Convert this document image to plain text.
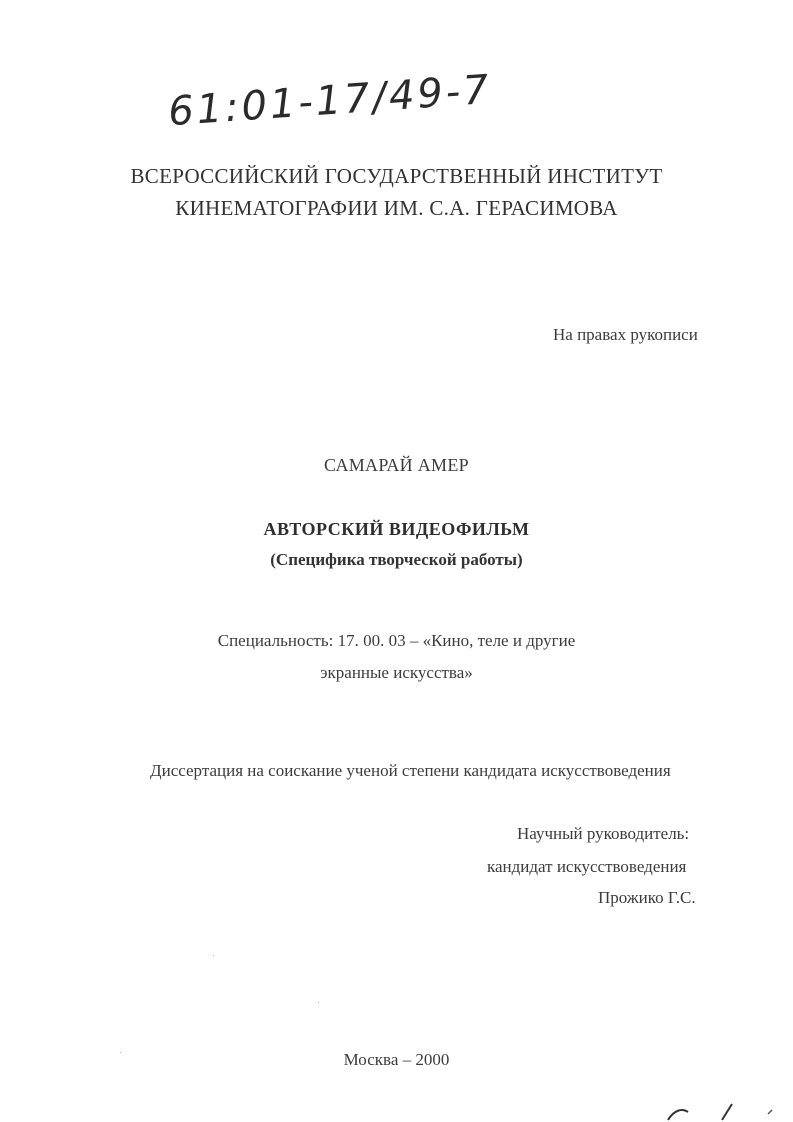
61:01-17/49-7
ВСЕРОССИЙСКИЙ ГОСУДАРСТВЕННЫЙ ИНСТИТУТ
КИНЕМАТОГРАФИИ ИМ. С.А. ГЕРАСИМОВА
На правах рукописи
САМАРАЙ АМЕР
АВТОРСКИЙ ВИДЕОФИЛЬМ
(Специфика творческой работы)
Специальность: 17. 00. 03 – «Кино, теле и другие
экранные искусства»
Диссертация на соискание ученой степени кандидата искусствоведения
Научный руководитель:
кандидат искусствоведения
Прожико Г.С.
Москва – 2000
